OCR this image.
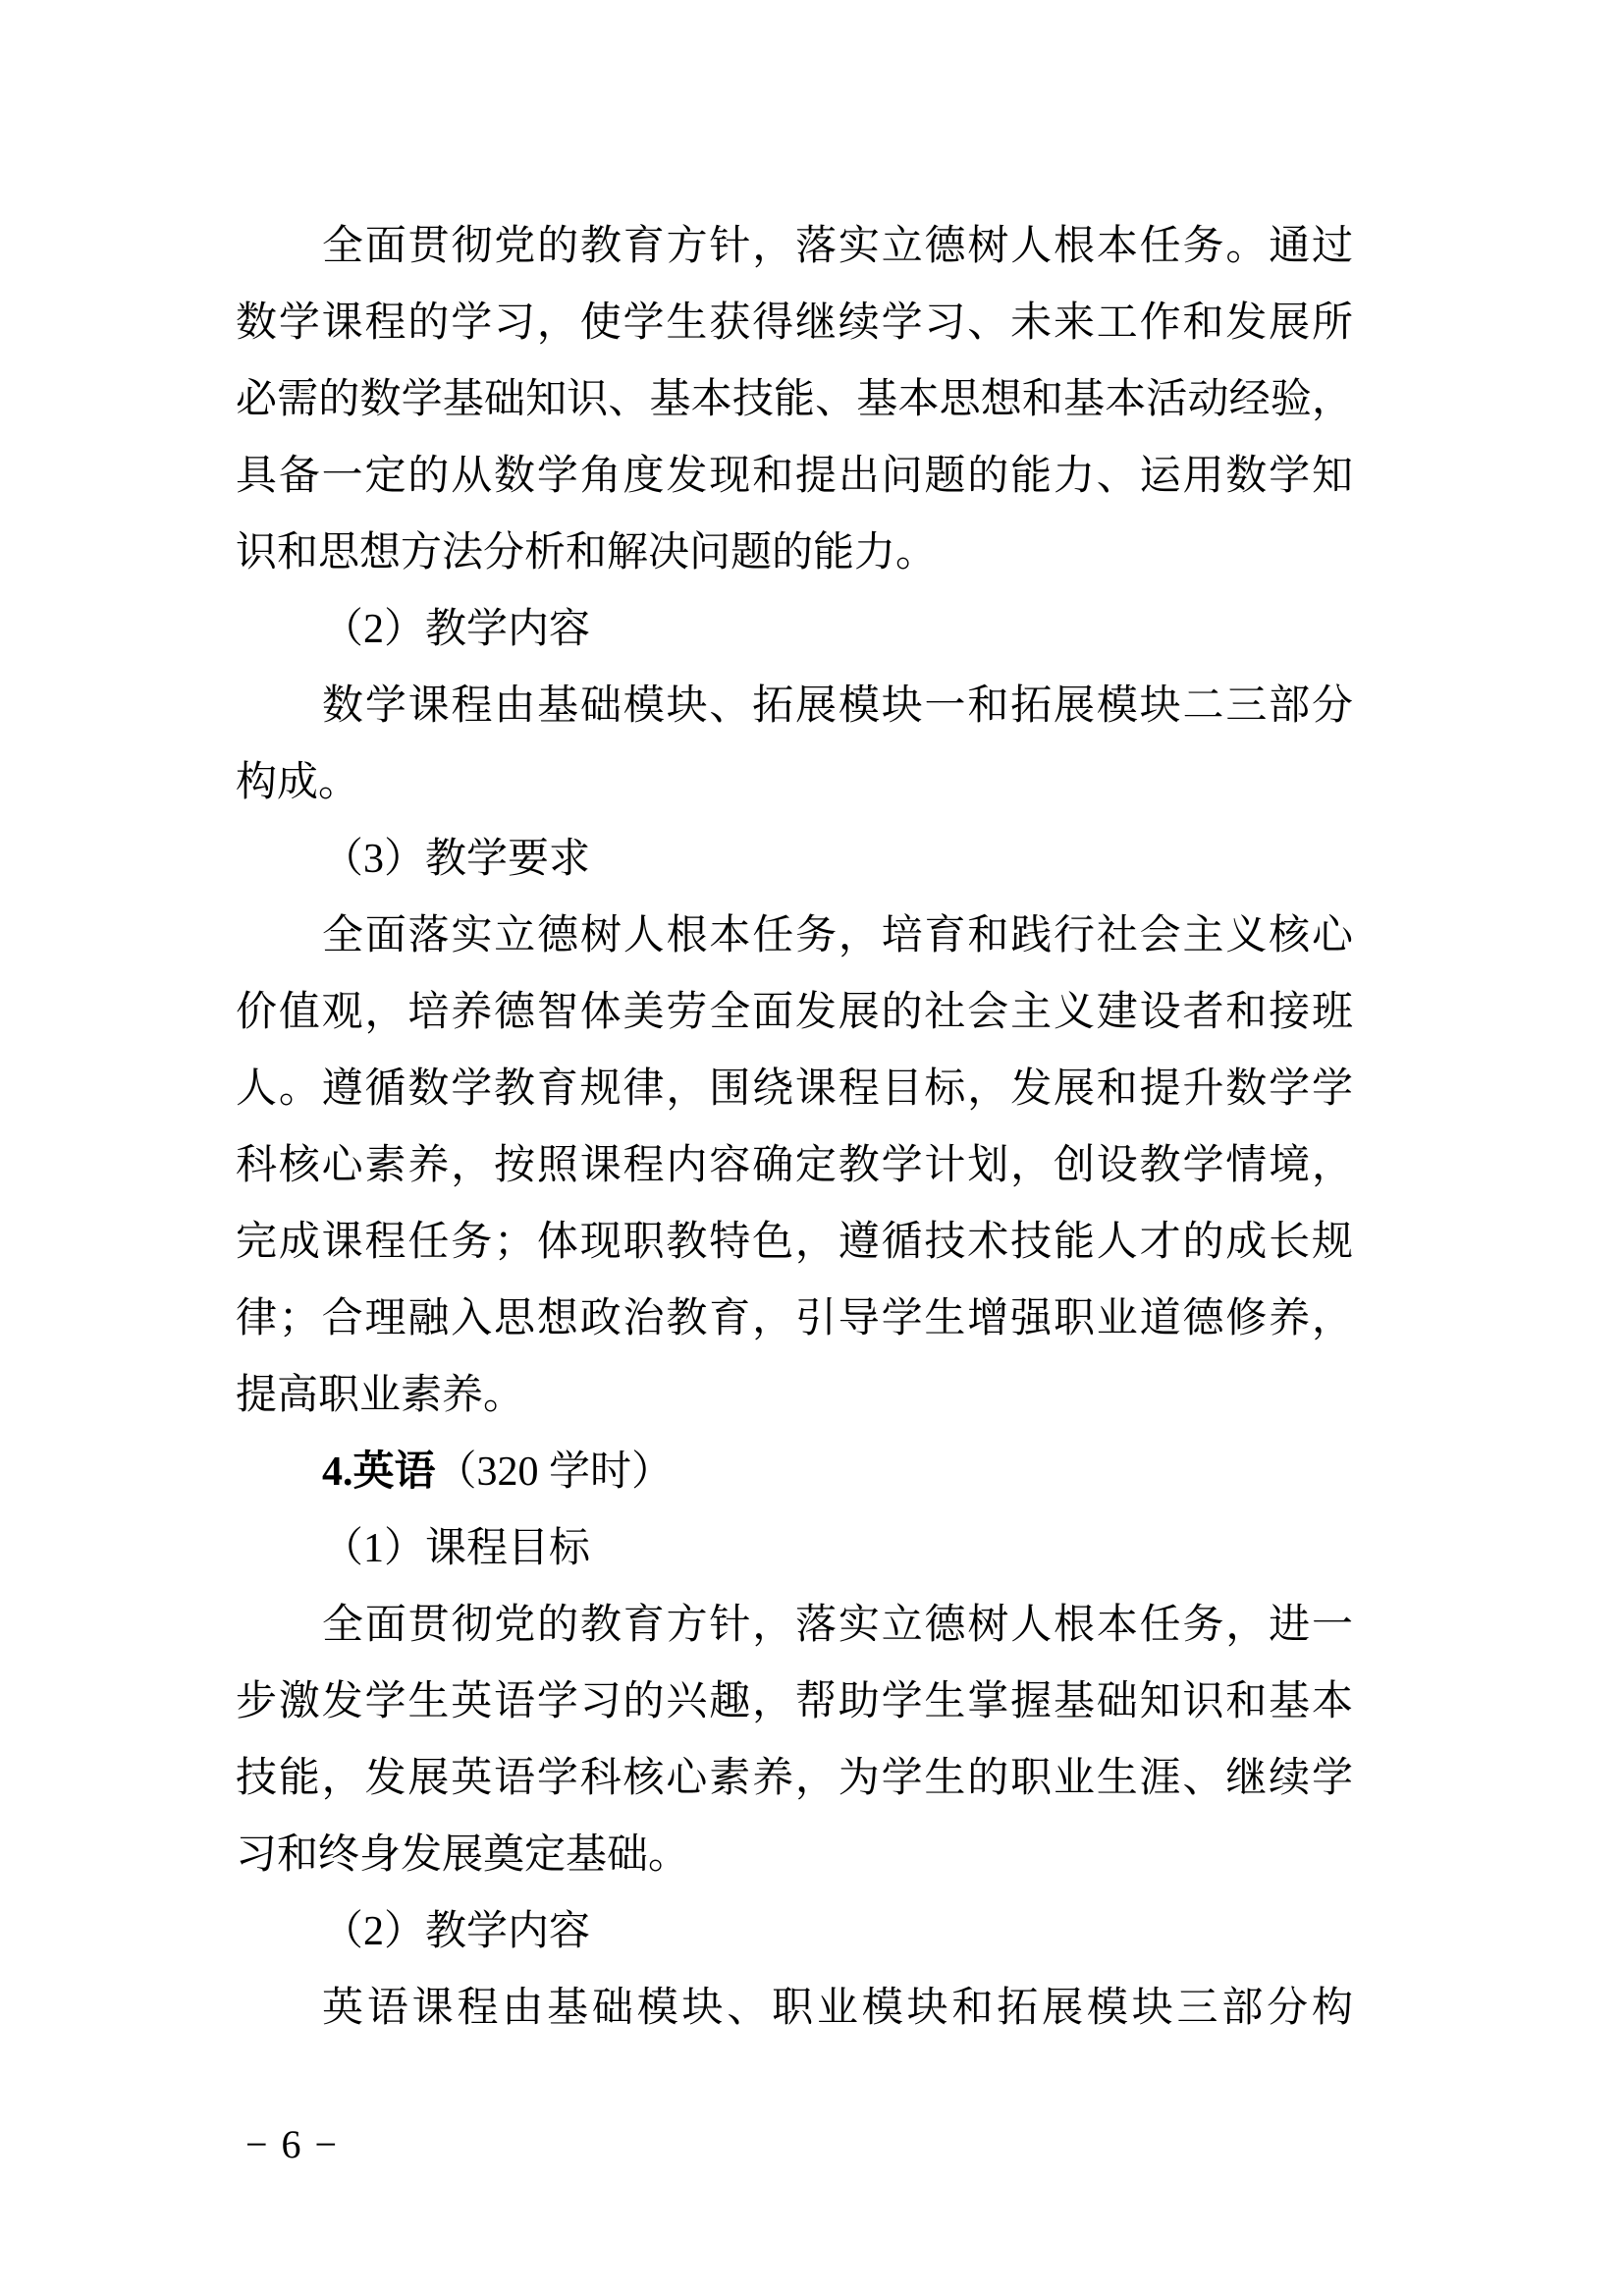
全面贯彻党的教育方针，落实立德树人根本任务。通过
数学课程的学习，使学生获得继续学习、未来工作和发展所
必需的数学基础知识、基本技能、基本思想和基本活动经验，
具备一定的从数学角度发现和提出问题的能力、运用数学知
识和思想方法分析和解决问题的能力。
（2）教学内容
数学课程由基础模块、拓展模块一和拓展模块二三部分
构成。
（3）教学要求
全面落实立德树人根本任务，培育和践行社会主义核心
价值观，培养德智体美劳全面发展的社会主义建设者和接班
人。遵循数学教育规律，围绕课程目标，发展和提升数学学
科核心素养，按照课程内容确定教学计划，创设教学情境，
完成课程任务；体现职教特色，遵循技术技能人才的成长规
律；合理融入思想政治教育，引导学生增强职业道德修养，
提高职业素养。
4.英语（320 学时）
（1）课程目标
全面贯彻党的教育方针，落实立德树人根本任务，进一
步激发学生英语学习的兴趣，帮助学生掌握基础知识和基本
技能，发展英语学科核心素养，为学生的职业生涯、继续学
习和终身发展奠定基础。
（2）教学内容
英语课程由基础模块、职业模块和拓展模块三部分构
− 6 −
